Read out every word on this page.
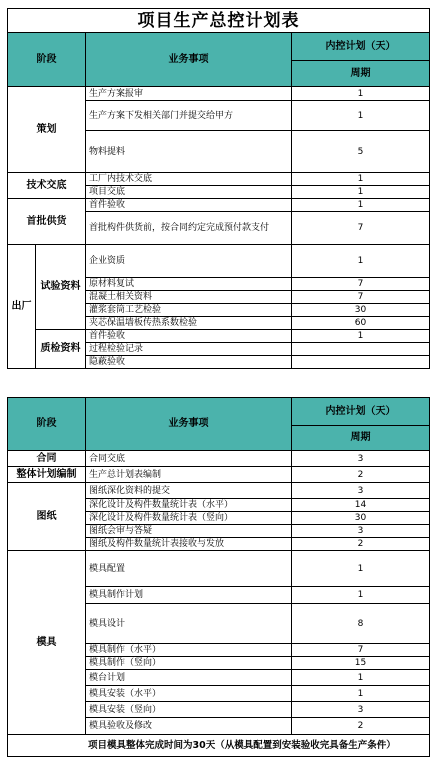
项目生产总控计划表			
阶段		业务事项	内控计划（天）
			周期
策划		生产方案报审	1
		生产方案下发相关部门并提交给甲方	1
		物料提料	5
技术交底		工厂内技术交底	1
		项目交底	1
首批供货		首件验收	1
		首批构件供货前，按合同约定完成预付款支付	7
出厂	试验资料	企业资质	1
		原材料复试	7
		混凝土相关资料	7
		灌浆套筒工艺检验	30
		夹芯保温墙板传热系数检验	60
	质检资料	首件验收	1
		过程检验记录	
		隐蔽验收	
阶段	业务事项	内控计划（天）
		周期
合同	合同交底	3
整体计划编制	生产总计划表编制	2
图纸	图纸深化资料的提交	3
	深化设计及构件数量统计表（水平）	14
	深化设计及构件数量统计表（竖向）	30
	图纸会审与答疑	3
	图纸及构件数量统计表接收与发放	2
模具	模具配置	1
	模具制作计划	1
	模具设计	8
	模具制作（水平）	7
	模具制作（竖向）	15
	模台计划	1
	模具安装（水平）	1
	模具安装（竖向）	3
	模具验收及修改	2
项目模具整体完成时间为30天（从模具配置到安装验收完具备生产条件）		
